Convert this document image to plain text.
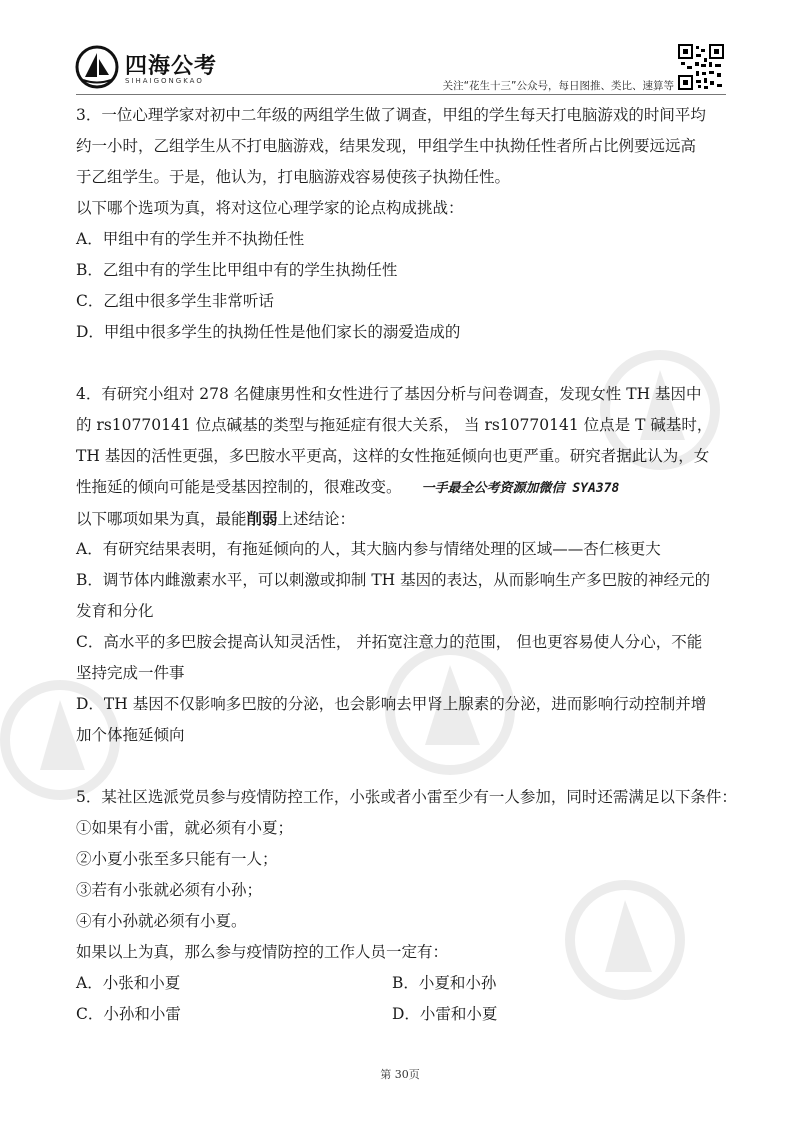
四海公考
SIHAIGONGKAO	关注“花生十三”公众号，每日图推、类比、速算等
3．一位心理学家对初中二年级的两组学生做了调查，甲组的学生每天打电脑游戏的时间平均
约一小时，乙组学生从不打电脑游戏，结果发现，甲组学生中执拗任性者所占比例要远远高
于乙组学生。于是，他认为，打电脑游戏容易使孩子执拗任性。
以下哪个选项为真，将对这位心理学家的论点构成挑战：
A．甲组中有的学生并不执拗任性
B．乙组中有的学生比甲组中有的学生执拗任性
C．乙组中很多学生非常听话
D．甲组中很多学生的执拗任性是他们家长的溺爱造成的
4．有研究小组对 278 名健康男性和女性进行了基因分析与问卷调查，发现女性 TH 基因中
的 rs10770141 位点碱基的类型与拖延症有很大关系， 当 rs10770141 位点是 T 碱基时，
TH 基因的活性更强，多巴胺水平更高，这样的女性拖延倾向也更严重。研究者据此认为，女
性拖延的倾向可能是受基因控制的，很难改变。 一手最全公考资源加微信 SYA378
以下哪项如果为真，最能削弱上述结论：
A．有研究结果表明，有拖延倾向的人，其大脑内参与情绪处理的区域——杏仁核更大
B．调节体内雌激素水平，可以刺激或抑制 TH 基因的表达，从而影响生产多巴胺的神经元的
发育和分化
C．高水平的多巴胺会提高认知灵活性， 并拓宽注意力的范围， 但也更容易使人分心，不能
坚持完成一件事
D．TH 基因不仅影响多巴胺的分泌，也会影响去甲肾上腺素的分泌，进而影响行动控制并增
加个体拖延倾向
5．某社区选派党员参与疫情防控工作，小张或者小雷至少有一人参加，同时还需满足以下条件：
①如果有小雷，就必须有小夏；
②小夏小张至多只能有一人；
③若有小张就必须有小孙；
④有小孙就必须有小夏。
如果以上为真，那么参与疫情防控的工作人员一定有：
A．小张和小夏	B．小夏和小孙
C．小孙和小雷	D．小雷和小夏
第 30页
